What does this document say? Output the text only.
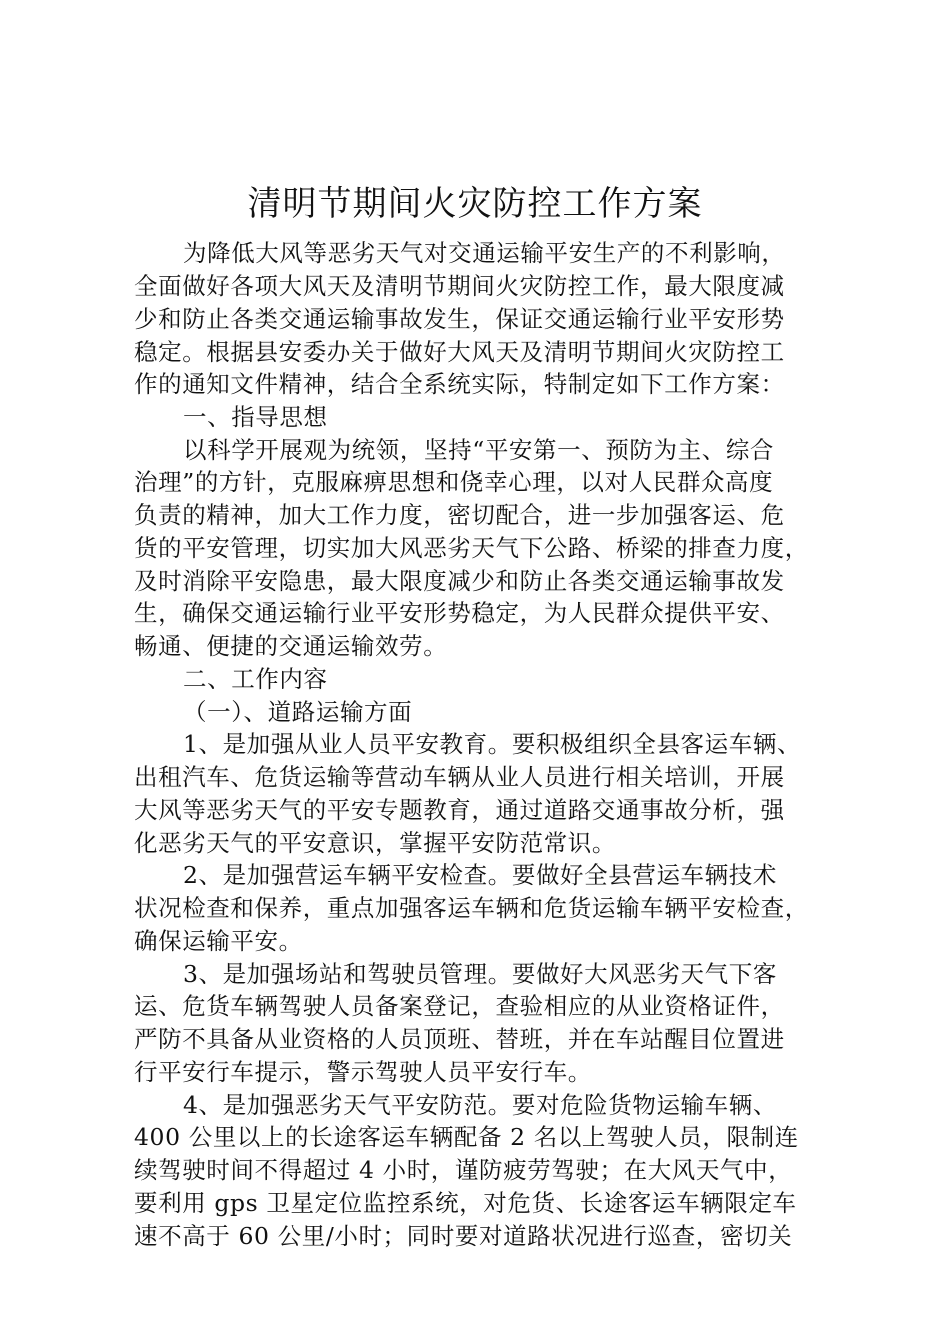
清明节期间火灾防控工作方案
为降低大风等恶劣天气对交通运输平安生产的不利影响，
全面做好各项大风天及清明节期间火灾防控工作，最大限度减
少和防止各类交通运输事故发生，保证交通运输行业平安形势
稳定。根据县安委办关于做好大风天及清明节期间火灾防控工
作的通知文件精神，结合全系统实际，特制定如下工作方案：
一、指导思想
以科学开展观为统领，坚持“平安第一、预防为主、综合
治理”的方针，克服麻痹思想和侥幸心理，以对人民群众高度
负责的精神，加大工作力度，密切配合，进一步加强客运、危
货的平安管理，切实加大风恶劣天气下公路、桥梁的排查力度，
及时消除平安隐患，最大限度减少和防止各类交通运输事故发
生，确保交通运输行业平安形势稳定，为人民群众提供平安、
畅通、便捷的交通运输效劳。
二、工作内容
（一）、道路运输方面
1、是加强从业人员平安教育。要积极组织全县客运车辆、
出租汽车、危货运输等营动车辆从业人员进行相关培训，开展
大风等恶劣天气的平安专题教育，通过道路交通事故分析，强
化恶劣天气的平安意识，掌握平安防范常识。
2、是加强营运车辆平安检查。要做好全县营运车辆技术
状况检查和保养，重点加强客运车辆和危货运输车辆平安检查，
确保运输平安。
3、是加强场站和驾驶员管理。要做好大风恶劣天气下客
运、危货车辆驾驶人员备案登记，查验相应的从业资格证件，
严防不具备从业资格的人员顶班、替班，并在车站醒目位置进
行平安行车提示，警示驾驶人员平安行车。
4、是加强恶劣天气平安防范。要对危险货物运输车辆、
400 公里以上的长途客运车辆配备 2 名以上驾驶人员，限制连
续驾驶时间不得超过 4 小时，谨防疲劳驾驶；在大风天气中，
要利用 gps 卫星定位监控系统，对危货、长途客运车辆限定车
速不高于 60 公里/小时；同时要对道路状况进行巡查，密切关
